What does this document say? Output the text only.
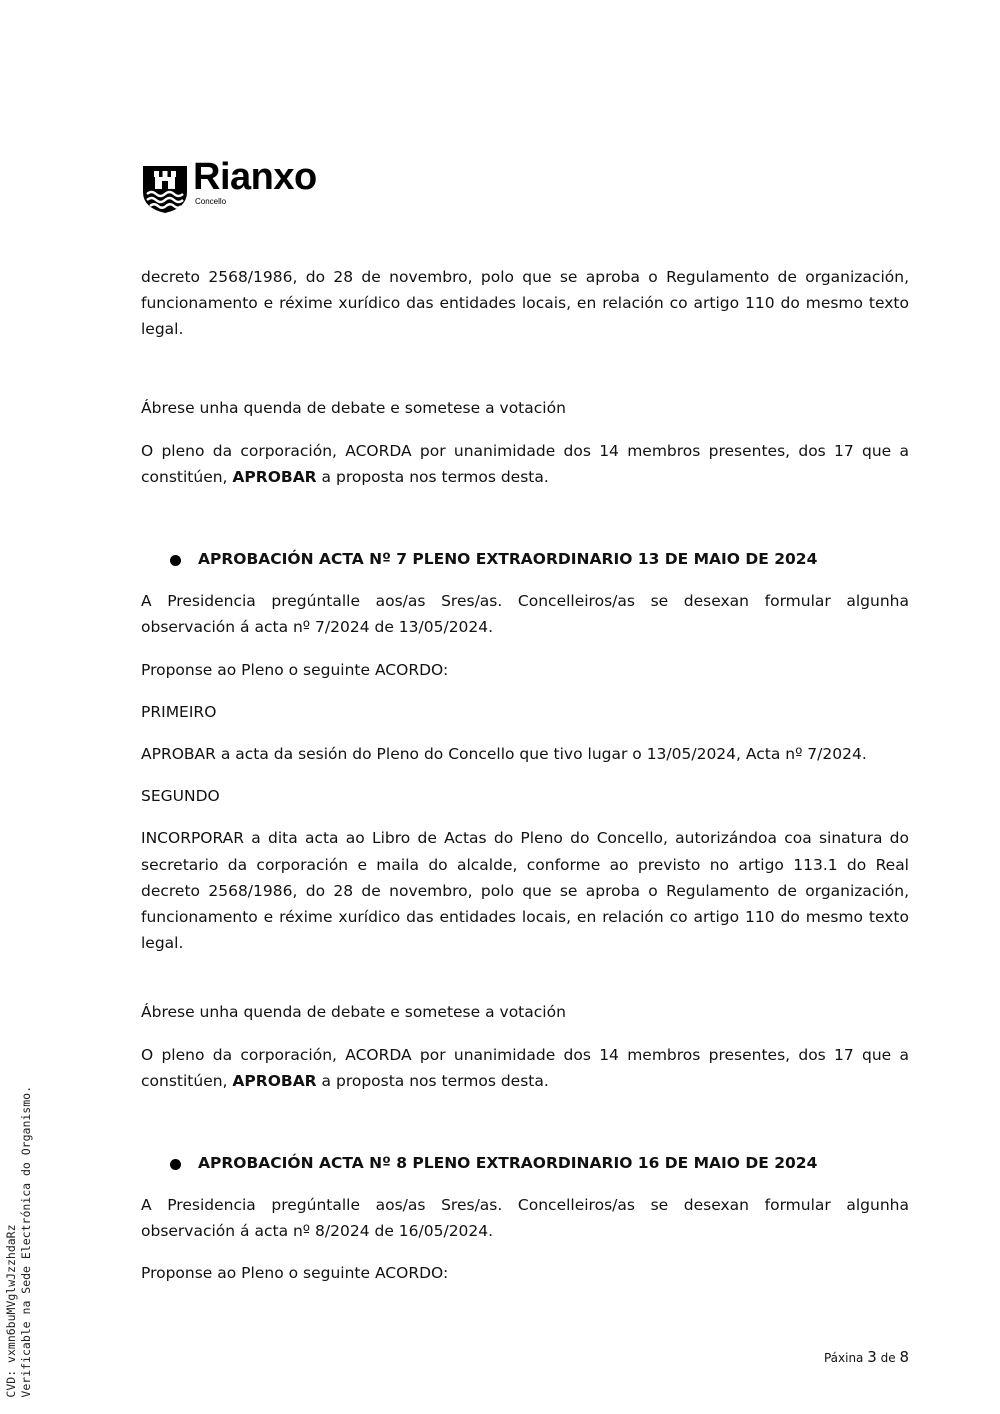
Rianxo
Concello

decreto 2568/1986, do 28 de novembro, polo que se aproba o Regulamento de organización, funcionamento e réxime xurídico das entidades locais, en relación co artigo 110 do mesmo texto legal.

Ábrese unha quenda de debate e sometese a votación

O pleno da corporación, ACORDA por unanimidade dos 14 membros presentes, dos 17 que a constitúen, APROBAR a proposta nos termos desta.

APROBACIÓN ACTA Nº 7 PLENO EXTRAORDINARIO 13 DE MAIO DE 2024

A Presidencia pregúntalle aos/as Sres/as. Concelleiros/as se desexan formular algunha observación á acta nº 7/2024 de 13/05/2024.

Proponse ao Pleno o seguinte ACORDO:

PRIMEIRO

APROBAR a acta da sesión do Pleno do Concello que tivo lugar o 13/05/2024, Acta nº 7/2024.

SEGUNDO

INCORPORAR a dita acta ao Libro de Actas do Pleno do Concello, autorizándoa coa sinatura do secretario da corporación e maila do alcalde, conforme ao previsto no artigo 113.1 do Real decreto 2568/1986, do 28 de novembro, polo que se aproba o Regulamento de organización, funcionamento e réxime xurídico das entidades locais, en relación co artigo 110 do mesmo texto legal.

Ábrese unha quenda de debate e sometese a votación

O pleno da corporación, ACORDA por unanimidade dos 14 membros presentes, dos 17 que a constitúen, APROBAR a proposta nos termos desta.

APROBACIÓN ACTA Nº 8 PLENO EXTRAORDINARIO 16 DE MAIO DE 2024

A Presidencia pregúntalle aos/as Sres/as. Concelleiros/as se desexan formular algunha observación á acta nº 8/2024 de 16/05/2024.

Proponse ao Pleno o seguinte ACORDO:

CVD: vxmn6buMVglwJzzhdaRz Verificable na Sede Electrónica do Organismo.	Páxina 3 de 8
